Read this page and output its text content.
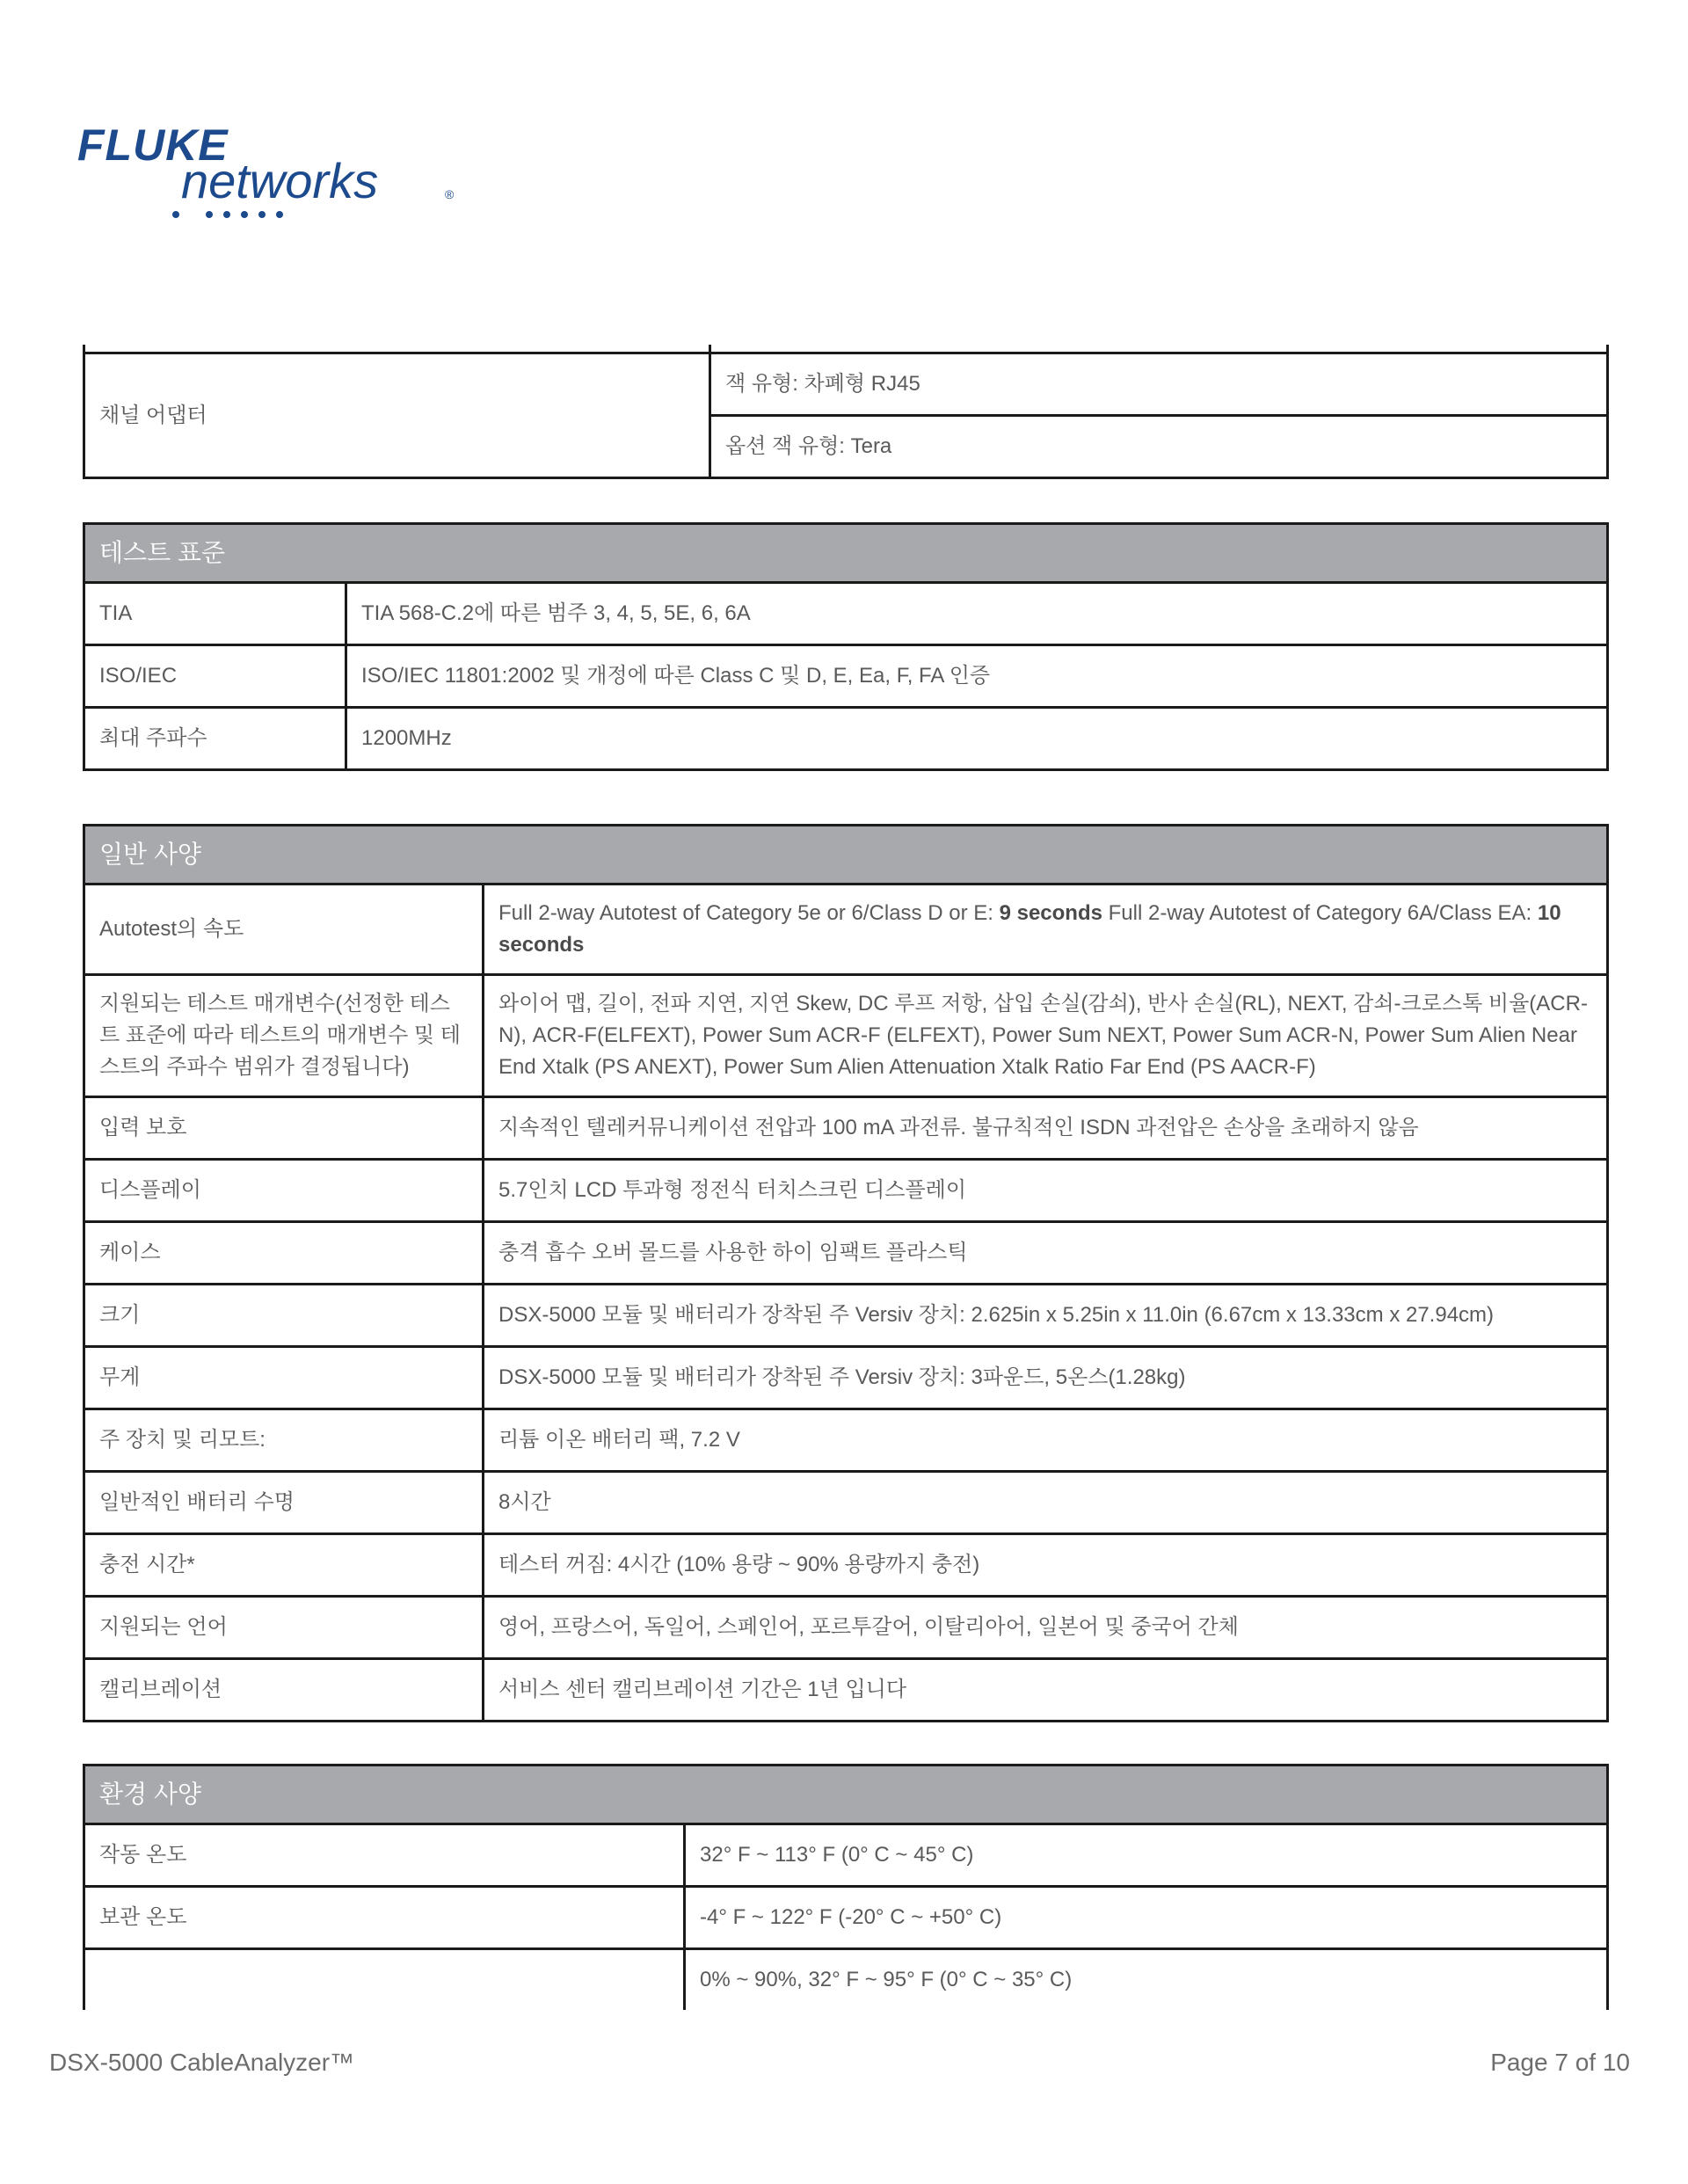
FLUKE
networks	®

채널 어댑터	잭 유형: 차폐형 RJ45
	옵션 잭 유형: Tera
테스트 표준	
TIA	TIA 568-C.2에 따른 범주 3, 4, 5, 5E, 6, 6A
ISO/IEC	ISO/IEC 11801:2002 및 개정에 따른 Class C 및 D, E, Ea, F, FA 인증
최대 주파수	1200MHz
일반 사양	
Autotest의 속도	Full 2-way Autotest of Category 5e or 6/Class D or E: 9 seconds Full 2-way Autotest of Category 6A/Class EA: 10 seconds
지원되는 테스트 매개변수(선정한 테스트 표준에 따라 테스트의 매개변수 및 테스트의 주파수 범위가 결정됩니다)	와이어 맵, 길이, 전파 지연, 지연 Skew, DC 루프 저항, 삽입 손실(감쇠), 반사 손실(RL), NEXT, 감쇠-크로스톡 비율(ACR-N), ACR-F(ELFEXT), Power Sum ACR-F (ELFEXT), Power Sum NEXT, Power Sum ACR-N, Power Sum Alien Near End Xtalk (PS ANEXT), Power Sum Alien Attenuation Xtalk Ratio Far End (PS AACR-F)
입력 보호	지속적인 텔레커뮤니케이션 전압과 100 mA 과전류. 불규칙적인 ISDN 과전압은 손상을 초래하지 않음
디스플레이	5.7인치 LCD 투과형 정전식 터치스크린 디스플레이
케이스	충격 흡수 오버 몰드를 사용한 하이 임팩트 플라스틱
크기	DSX-5000 모듈 및 배터리가 장착된 주 Versiv 장치: 2.625in x 5.25in x 11.0in (6.67cm x 13.33cm x 27.94cm)
무게	DSX-5000 모듈 및 배터리가 장착된 주 Versiv 장치: 3파운드, 5온스(1.28kg)
주 장치 및 리모트:	리튬 이온 배터리 팩, 7.2 V
일반적인 배터리 수명	8시간
충전 시간*	테스터 꺼짐: 4시간 (10% 용량 ~ 90% 용량까지 충전)
지원되는 언어	영어, 프랑스어, 독일어, 스페인어, 포르투갈어, 이탈리아어, 일본어 및 중국어 간체
캘리브레이션	서비스 센터 캘리브레이션 기간은 1년 입니다
환경 사양	
작동 온도	32° F ~ 113° F (0° C ~ 45° C)
보관 온도	-4° F ~ 122° F (-20° C ~ +50° C)
	0% ~ 90%, 32° F ~ 95° F (0° C ~ 35° C)
DSX-5000 CableAnalyzer™	Page 7 of 10
